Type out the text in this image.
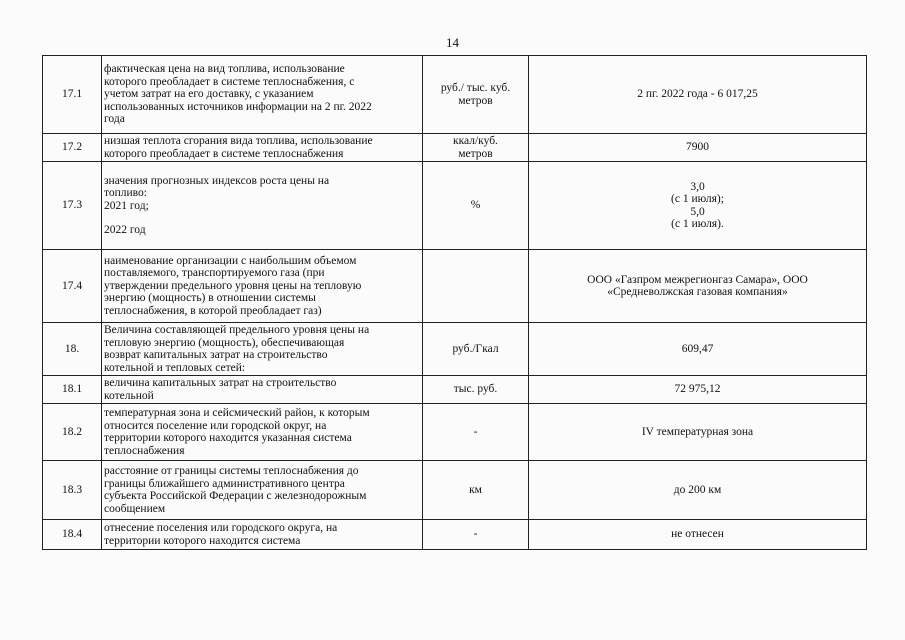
14
17.1	фактическая цена на вид топлива, использование
которого преобладает в системе теплоснабжения, с
учетом затрат на его доставку, с указанием
использованных источников информации на 2 пг. 2022
года	руб./ тыс. куб.
метров	2 пг. 2022 года - 6 017,25

17.2	низшая теплота сгорания вида топлива, использование
которого преобладает в системе теплоснабжения	ккал/куб.
метров	7900

17.3	значения прогнозных индексов роста цены на
топливо:
2021 год;
2022 год	%	3,0
(с 1 июля);
5,0
(с 1 июля).

17.4	наименование организации с наибольшим объемом
поставляемого, транспортируемого газа (при
утверждении предельного уровня цены на тепловую
энергию (мощность) в отношении системы
теплоснабжения, в которой преобладает газ)		ООО «Газпром межрегионгаз Самара», ООО
«Средневолжская газовая компания»

18.	Величина составляющей предельного уровня цены на
тепловую энергию (мощность), обеспечивающая
возврат капитальных затрат на строительство
котельной и тепловых сетей:	руб./Гкал	609,47

18.1	величина капитальных затрат на строительство
котельной	тыс. руб.	72 975,12

18.2	температурная зона и сейсмический район, к которым
относится поселение или городской округ, на
территории которого находится указанная система
теплоснабжения	-	IV температурная зона

18.3	расстояние от границы системы теплоснабжения до
границы ближайшего административного центра
субъекта Российской Федерации с железнодорожным
сообщением	км	до 200 км

18.4	отнесение поселения или городского округа, на
территории которого находится система	-	не отнесен
